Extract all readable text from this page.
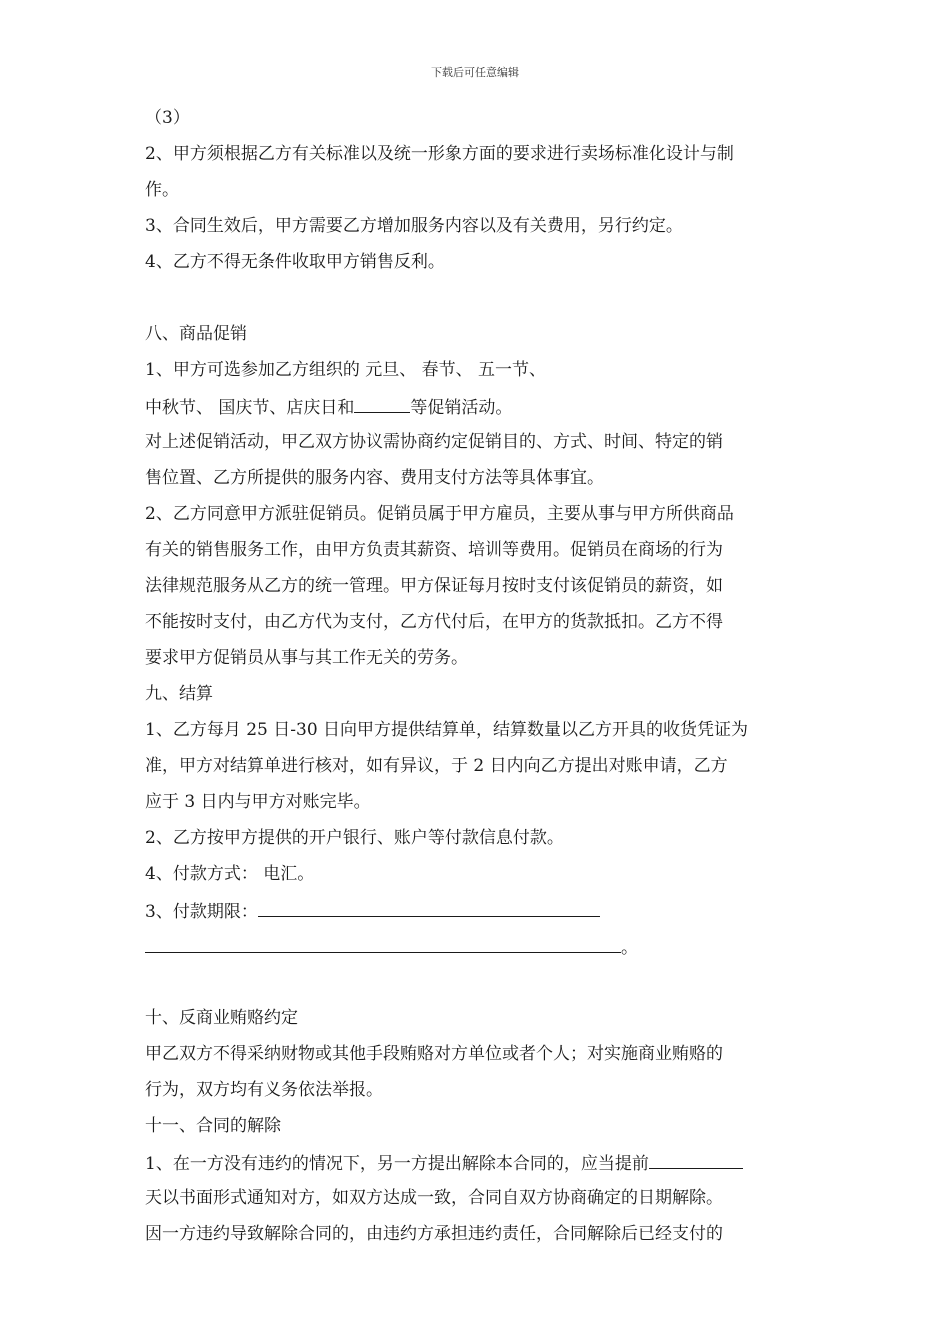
下载后可任意编辑
（3）
2、甲方须根据乙方有关标准以及统一形象方面的要求进行卖场标准化设计与制
作。
3、合同生效后，甲方需要乙方增加服务内容以及有关费用，另行约定。
4、乙方不得无条件收取甲方销售反利。
八、商品促销
1、甲方可选参加乙方组织的 元旦、 春节、 五一节、
中秋节、 国庆节、店庆日和	等促销活动。
对上述促销活动，甲乙双方协议需协商约定促销目的、方式、时间、特定的销
售位置、乙方所提供的服务内容、费用支付方法等具体事宜。
2、乙方同意甲方派驻促销员。促销员属于甲方雇员，主要从事与甲方所供商品
有关的销售服务工作，由甲方负责其薪资、培训等费用。促销员在商场的行为
法律规范服务从乙方的统一管理。甲方保证每月按时支付该促销员的薪资，如
不能按时支付，由乙方代为支付，乙方代付后，在甲方的货款抵扣。乙方不得
要求甲方促销员从事与其工作无关的劳务。
九、结算
1、乙方每月 25 日-30 日向甲方提供结算单，结算数量以乙方开具的收货凭证为
准，甲方对结算单进行核对，如有异议，于 2 日内向乙方提出对账申请，乙方
应于 3 日内与甲方对账完毕。
2、乙方按甲方提供的开户银行、账户等付款信息付款。
4、付款方式： 电汇。
3、付款期限：
。
十、反商业贿赂约定
甲乙双方不得采纳财物或其他手段贿赂对方单位或者个人；对实施商业贿赂的
行为，双方均有义务依法举报。
十一、合同的解除
1、在一方没有违约的情况下，另一方提出解除本合同的，应当提前
天以书面形式通知对方，如双方达成一致，合同自双方协商确定的日期解除。
因一方违约导致解除合同的，由违约方承担违约责任，合同解除后已经支付的
